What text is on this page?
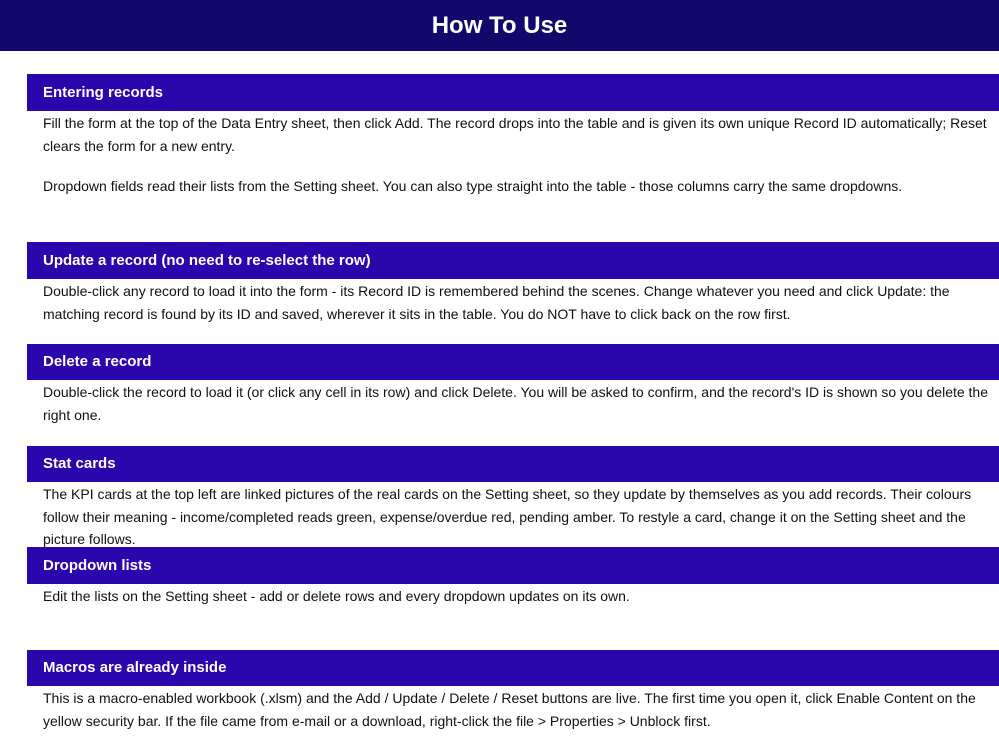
How To Use
Entering records

Fill the form at the top of the Data Entry sheet, then click Add. The record drops into the table and is given its own unique Record ID automatically; Reset clears the form for a new entry.

Dropdown fields read their lists from the Setting sheet. You can also type straight into the table - those columns carry the same dropdowns.

Update a record (no need to re-select the row)

Double-click any record to load it into the form - its Record ID is remembered behind the scenes. Change whatever you need and click Update: the matching record is found by its ID and saved, wherever it sits in the table. You do NOT have to click back on the row first.

Delete a record

Double-click the record to load it (or click any cell in its row) and click Delete. You will be asked to confirm, and the record's ID is shown so you delete the right one.

Stat cards

The KPI cards at the top left are linked pictures of the real cards on the Setting sheet, so they update by themselves as you add records. Their colours follow their meaning - income/completed reads green, expense/overdue red, pending amber. To restyle a card, change it on the Setting sheet and the picture follows.

Dropdown lists

Edit the lists on the Setting sheet - add or delete rows and every dropdown updates on its own.

Macros are already inside

This is a macro-enabled workbook (.xlsm) and the Add / Update / Delete / Reset buttons are live. The first time you open it, click Enable Content on the yellow security bar. If the file came from e-mail or a download, right-click the file > Properties > Unblock first.
